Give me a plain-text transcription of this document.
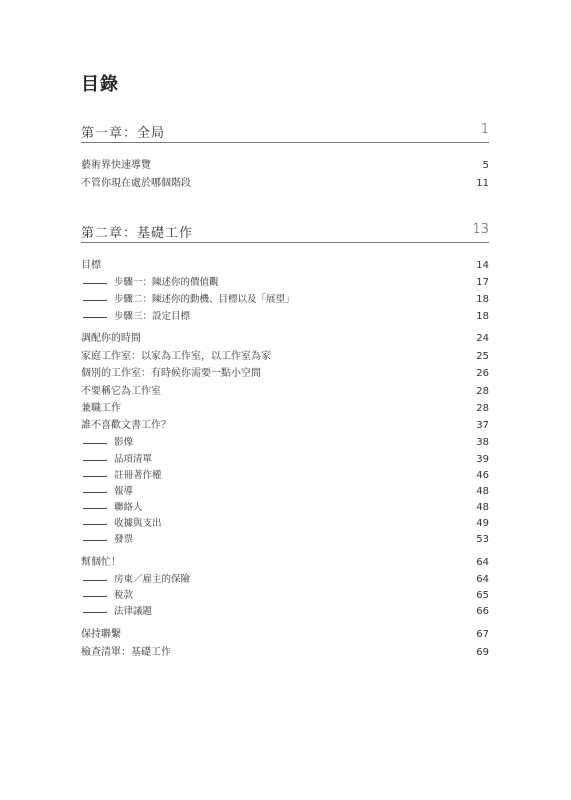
目錄
第一章：全局	1
藝術界快速導覽	5
不管你現在處於哪個階段	11
第二章：基礎工作	13
目標	14
步驟一：陳述你的價值觀	17
步驟二：陳述你的動機、目標以及「展望」	18
步驟三：設定目標	18
調配你的時間	24
家庭工作室：以家為工作室，以工作室為家	25
個別的工作室：有時候你需要一點小空間	26
不要稱它為工作室	28
兼職工作	28
誰不喜歡文書工作？	37
影像	38
品項清單	39
註冊著作權	46
報導	48
聯絡人	48
收據與支出	49
發票	53
幫個忙！	64
房東／雇主的保險	64
稅款	65
法律議題	66
保持聯繫	67
檢查清單：基礎工作	69
